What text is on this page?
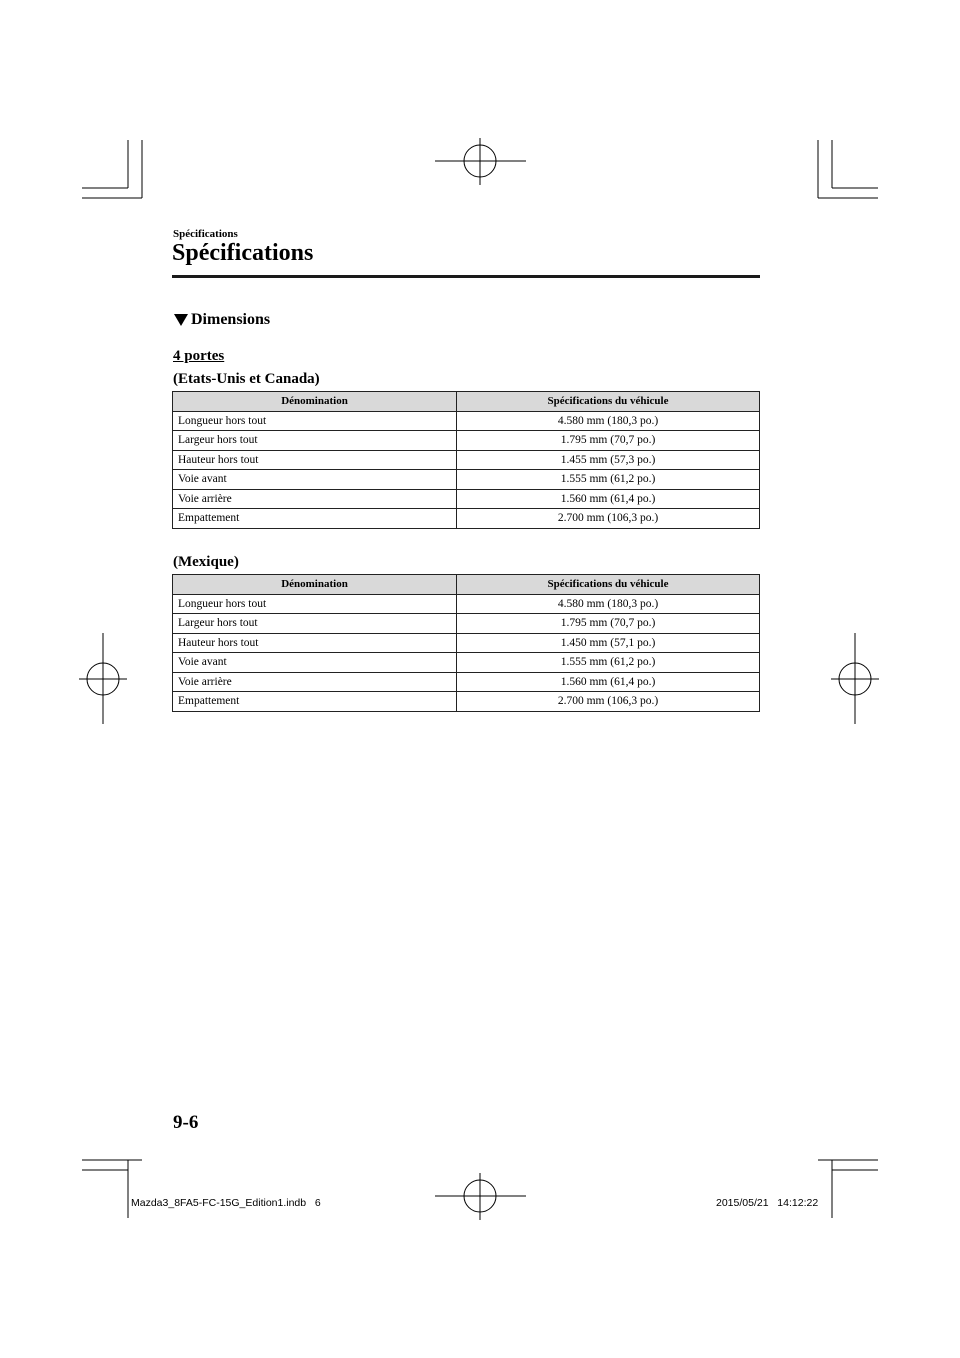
Spécifications
Spécifications
Dimensions
4 portes
(Etats-Unis et Canada)
Dénomination	Spécifications du véhicule
Longueur hors tout	4.580 mm (180,3 po.)
Largeur hors tout	1.795 mm (70,7 po.)
Hauteur hors tout	1.455 mm (57,3 po.)
Voie avant	1.555 mm (61,2 po.)
Voie arrière	1.560 mm (61,4 po.)
Empattement	2.700 mm (106,3 po.)
(Mexique)
Dénomination	Spécifications du véhicule
Longueur hors tout	4.580 mm (180,3 po.)
Largeur hors tout	1.795 mm (70,7 po.)
Hauteur hors tout	1.450 mm (57,1 po.)
Voie avant	1.555 mm (61,2 po.)
Voie arrière	1.560 mm (61,4 po.)
Empattement	2.700 mm (106,3 po.)
9-6
Mazda3_8FA5-FC-15G_Edition1.indb   6	2015/05/21   14:12:22
